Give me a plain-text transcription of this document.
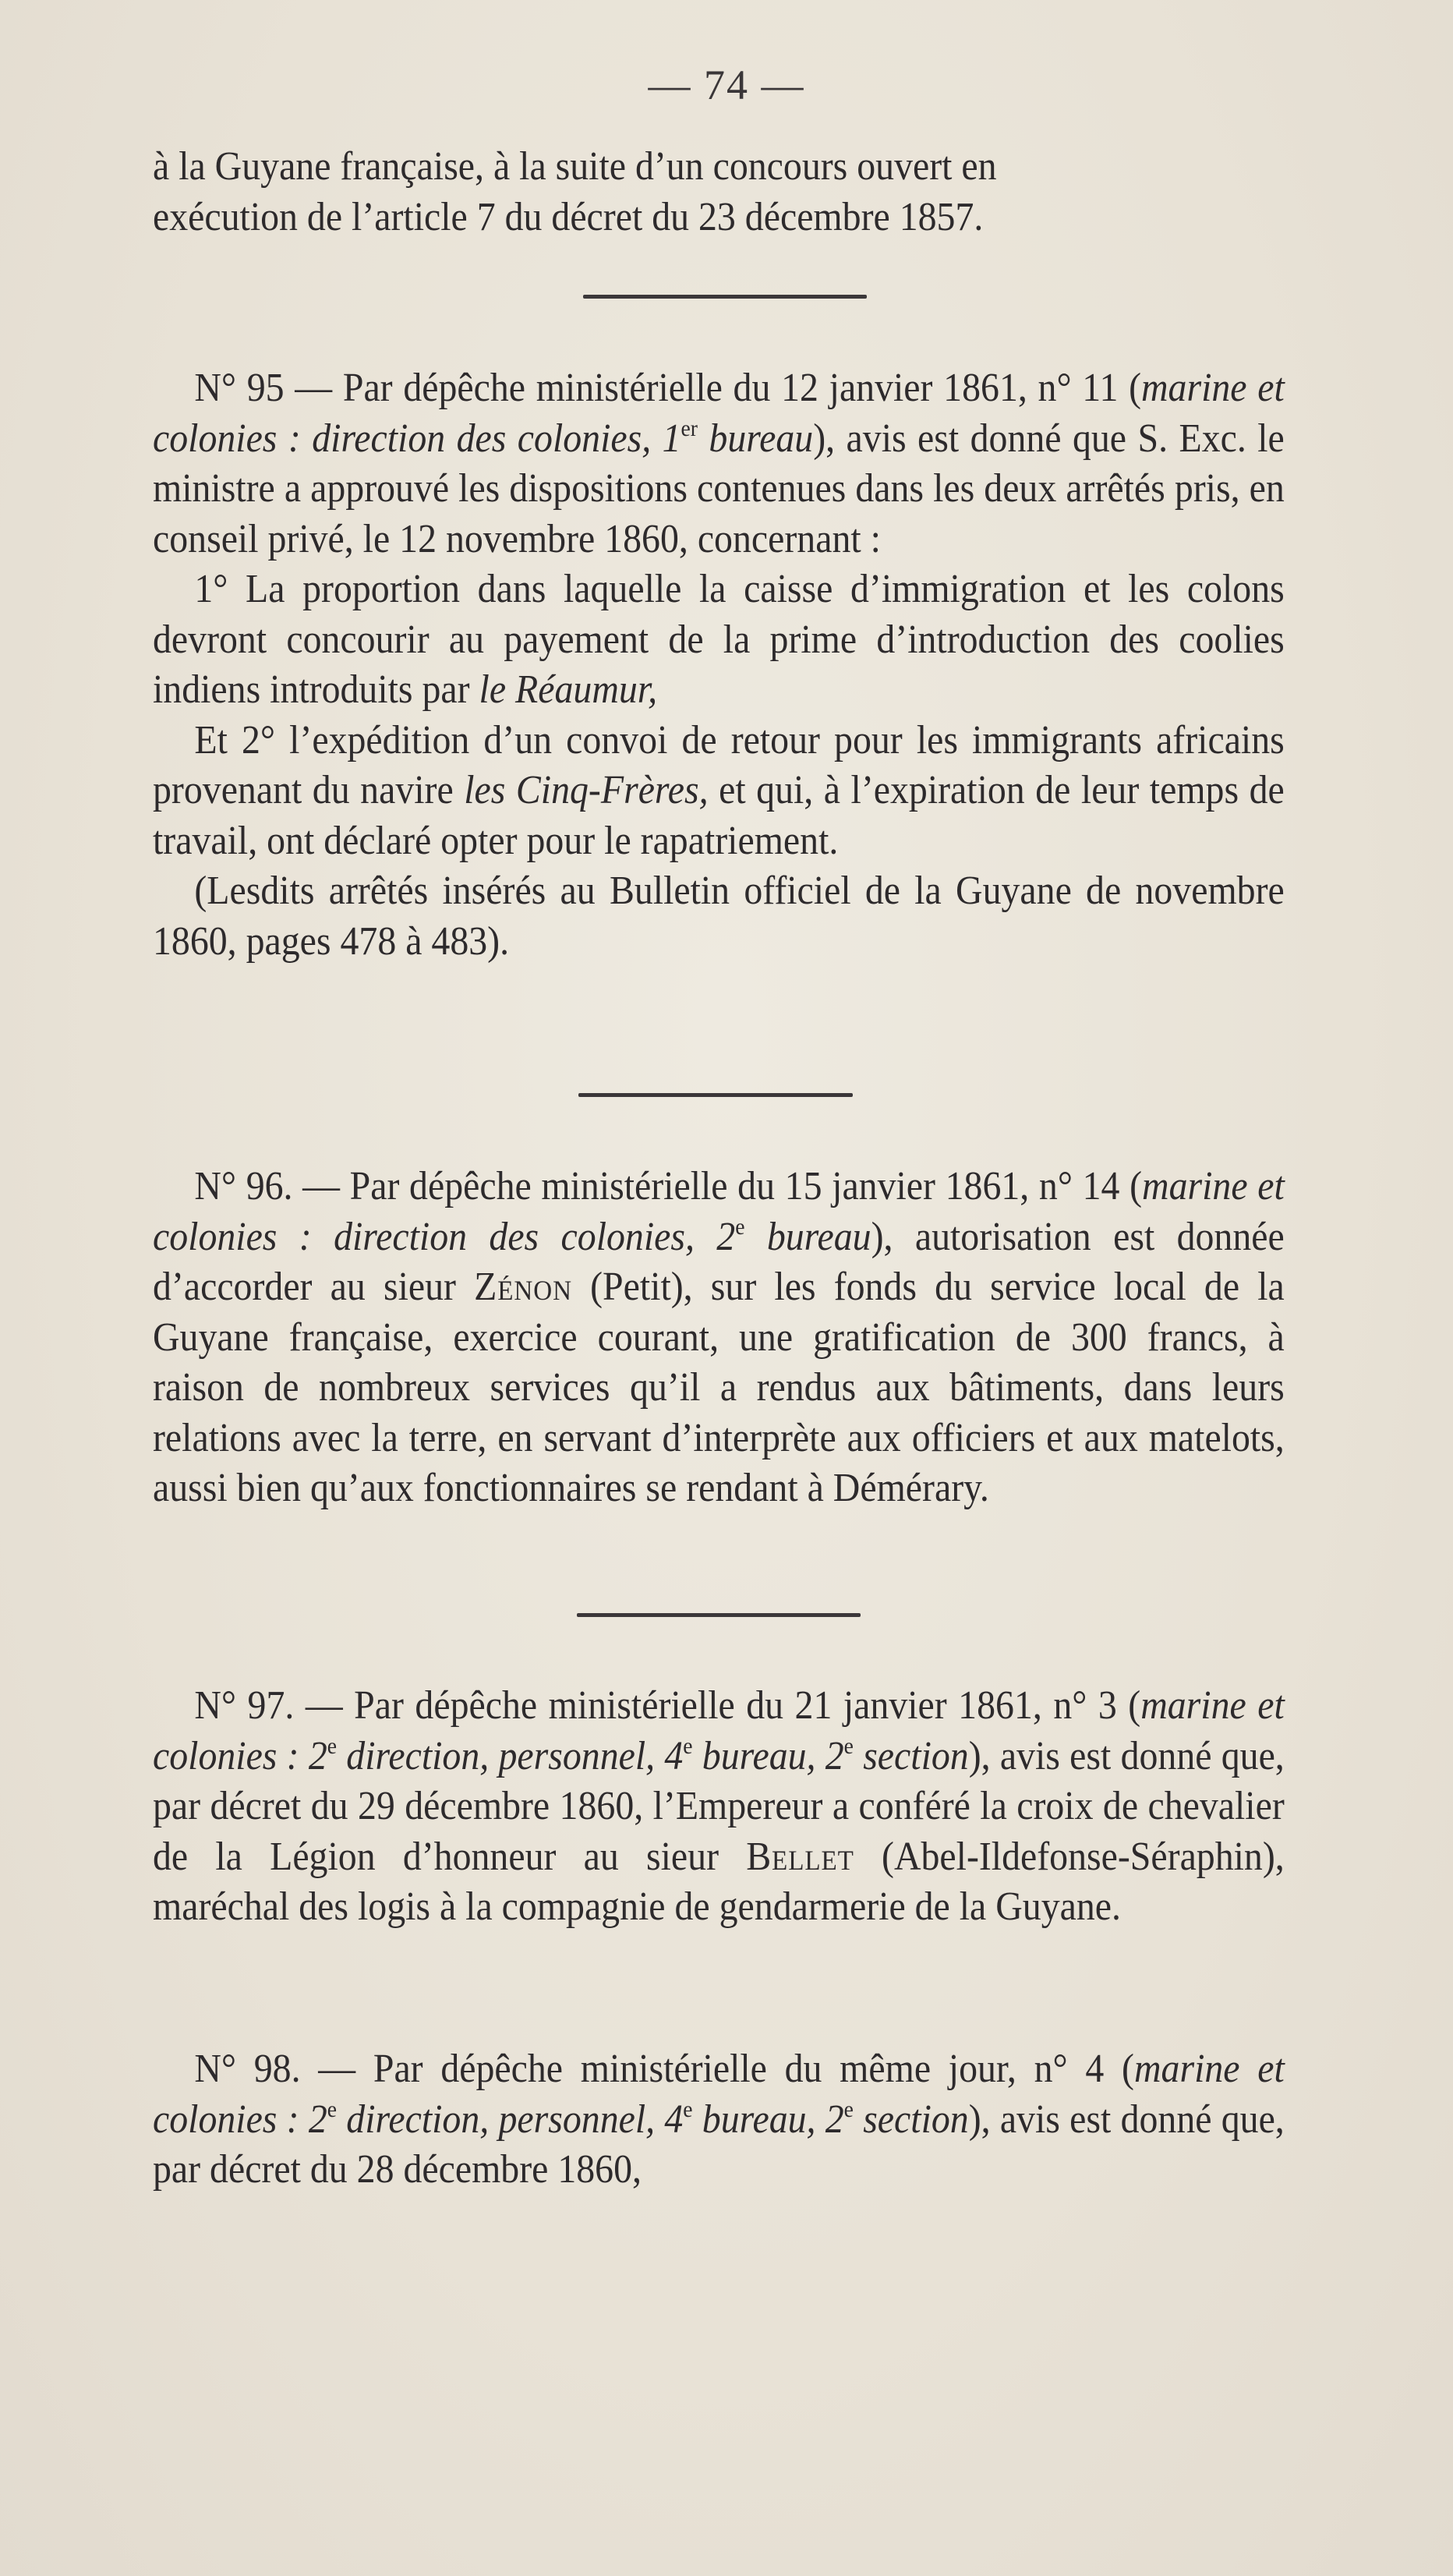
— 74 —

à la Guyane française, à la suite d’un concours ouvert en

exécution de l’article 7 du décret du 23 décembre 1857.

N° 95 — Par dépêche ministérielle du 12 janvier 1861, n° 11 (marine et colonies : direction des colonies, 1er bureau), avis est donné que S. Exc. le ministre a approuvé les dispositions contenues dans les deux arrêtés pris, en conseil privé, le 12 novembre 1860, concernant :

1° La proportion dans laquelle la caisse d’immigration et les colons devront concourir au payement de la prime d’introduction des coolies indiens introduits par le Réaumur,

Et 2° l’expédition d’un convoi de retour pour les immigrants africains provenant du navire les Cinq-Frères, et qui, à l’expiration de leur temps de travail, ont déclaré opter pour le rapatriement.

(Lesdits arrêtés insérés au Bulletin officiel de la Guyane de novembre 1860, pages 478 à 483).

N° 96. — Par dépêche ministérielle du 15 janvier 1861, n° 14 (marine et colonies : direction des colonies, 2e bureau), autorisation est donnée d’accorder au sieur Zénon (Petit), sur les fonds du service local de la Guyane française, exercice courant, une gratification de 300 francs, à raison de nombreux services qu’il a rendus aux bâtiments, dans leurs relations avec la terre, en servant d’interprète aux officiers et aux matelots, aussi bien qu’aux fonctionnaires se rendant à Démérary.

N° 97. — Par dépêche ministérielle du 21 janvier 1861, n° 3 (marine et colonies : 2e direction, personnel, 4e bureau, 2e section), avis est donné que, par décret du 29 décembre 1860, l’Empereur a conféré la croix de chevalier de la Légion d’honneur au sieur Bellet (Abel-Ildefonse-Séraphin), maréchal des logis à la compagnie de gendarmerie de la Guyane.

N° 98. — Par dépêche ministérielle du même jour, n° 4 (marine et colonies : 2e direction, personnel, 4e bureau, 2e section), avis est donné que, par décret du 28 décembre 1860,
